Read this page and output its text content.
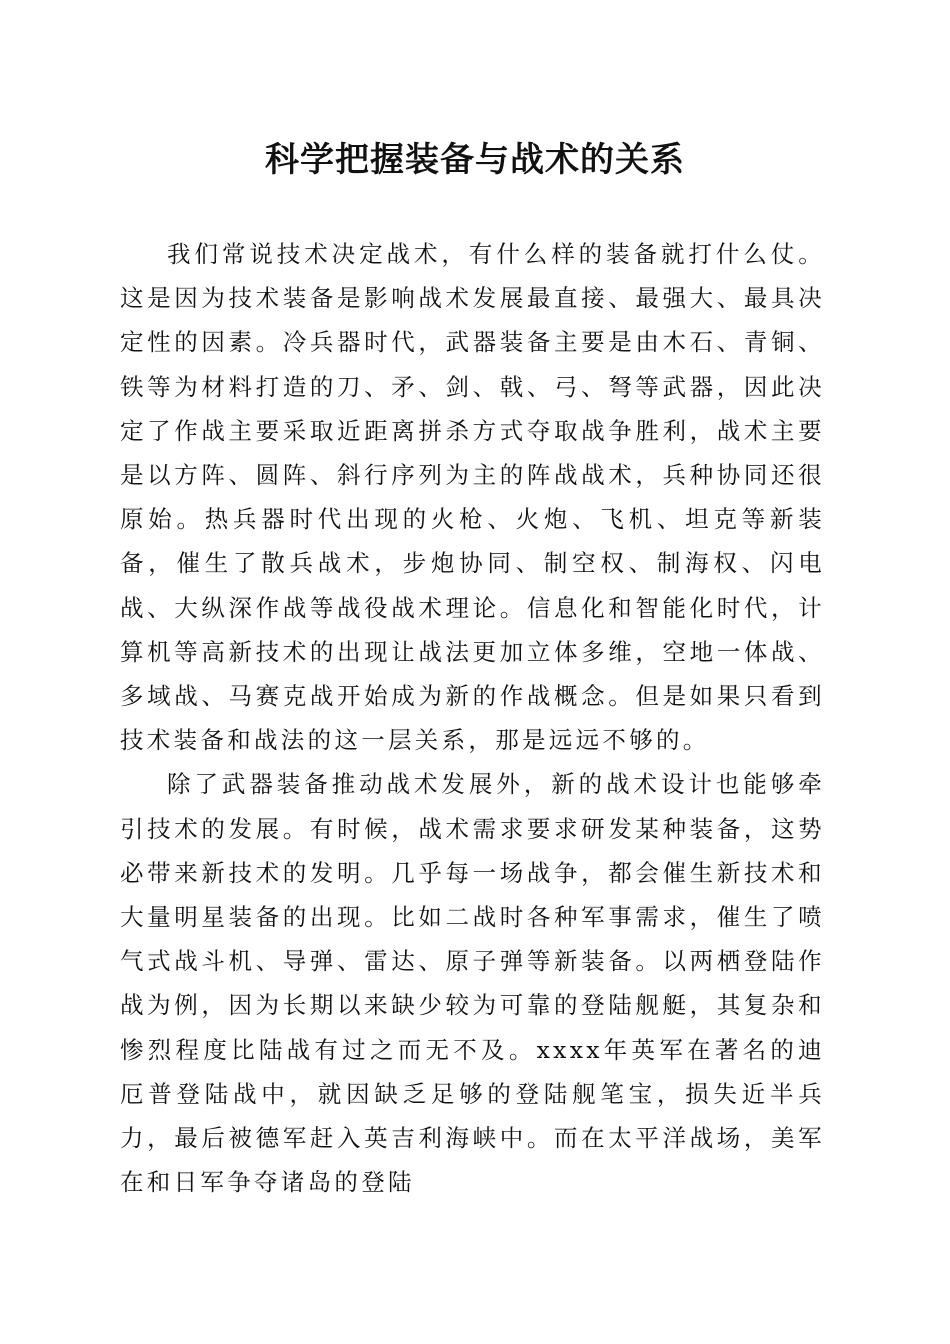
科学把握装备与战术的关系

我们常说技术决定战术，有什么样的装备就打什么仗。这是因为技术装备是影响战术发展最直接、最强大、最具决定性的因素。冷兵器时代，武器装备主要是由木石、青铜、铁等为材料打造的刀、矛、剑、戟、弓、弩等武器，因此决定了作战主要采取近距离拼杀方式夺取战争胜利，战术主要是以方阵、圆阵、斜行序列为主的阵战战术，兵种协同还很原始。热兵器时代出现的火枪、火炮、飞机、坦克等新装备，催生了散兵战术，步炮协同、制空权、制海权、闪电战、大纵深作战等战役战术理论。信息化和智能化时代，计算机等高新技术的出现让战法更加立体多维，空地一体战、多域战、马赛克战开始成为新的作战概念。但是如果只看到技术装备和战法的这一层关系，那是远远不够的。

除了武器装备推动战术发展外，新的战术设计也能够牵引技术的发展。有时候，战术需求要求研发某种装备，这势必带来新技术的发明。几乎每一场战争，都会催生新技术和大量明星装备的出现。比如二战时各种军事需求，催生了喷气式战斗机、导弹、雷达、原子弹等新装备。以两栖登陆作战为例，因为长期以来缺少较为可靠的登陆舰艇，其复杂和惨烈程度比陆战有过之而无不及。xxxx年英军在著名的迪厄普登陆战中，就因缺乏足够的登陆舰笔宝，损失近半兵力，最后被德军赶入英吉利海峡中。而在太平洋战场，美军在和日军争夺诸岛的登陆
